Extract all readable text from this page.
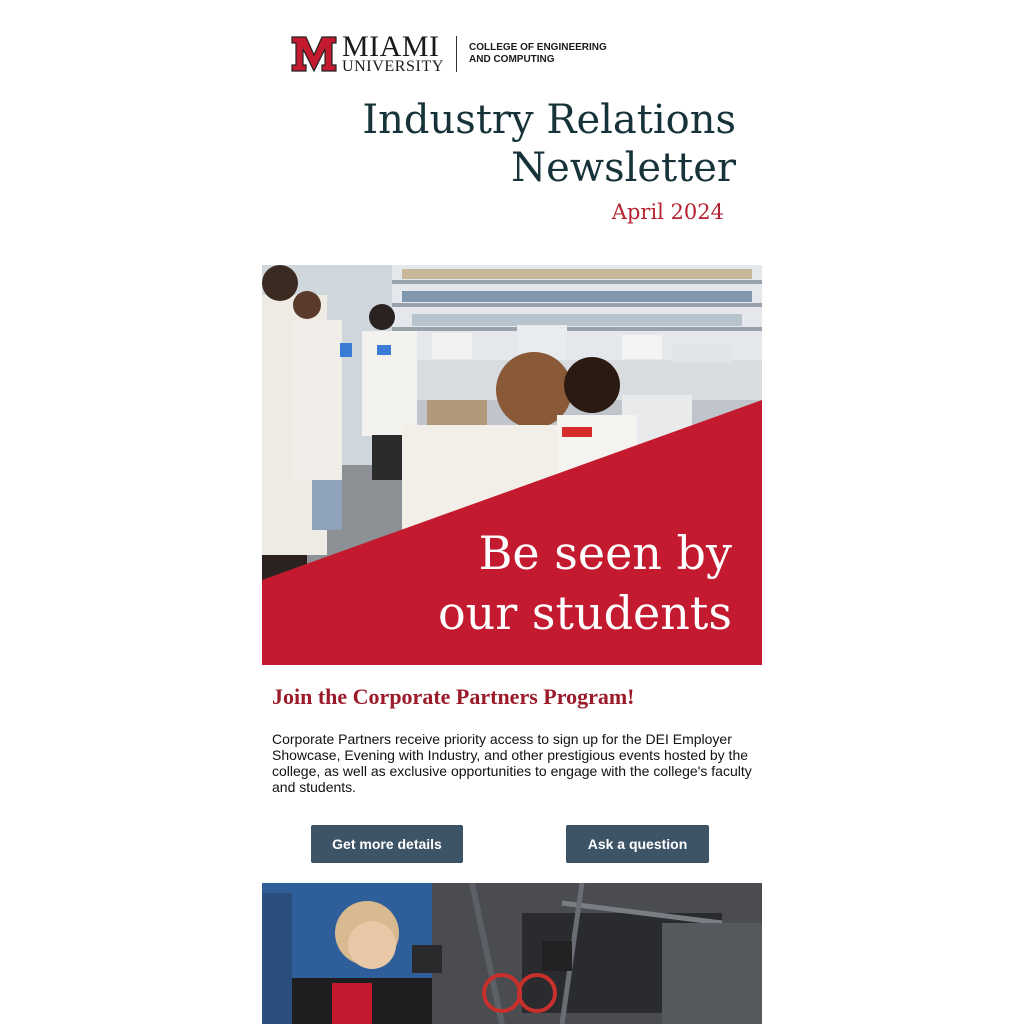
MIAMI
UNIVERSITY
COLLEGE OF ENGINEERING
AND COMPUTING
Industry Relations
Newsletter
April 2024
Be seen by
our students
Join the Corporate Partners Program!

Corporate Partners receive priority access to sign up for the DEI Employer Showcase, Evening with Industry, and other prestigious events hosted by the college, as well as exclusive opportunities to engage with the college's faculty and students.

Get more details	Ask a question
